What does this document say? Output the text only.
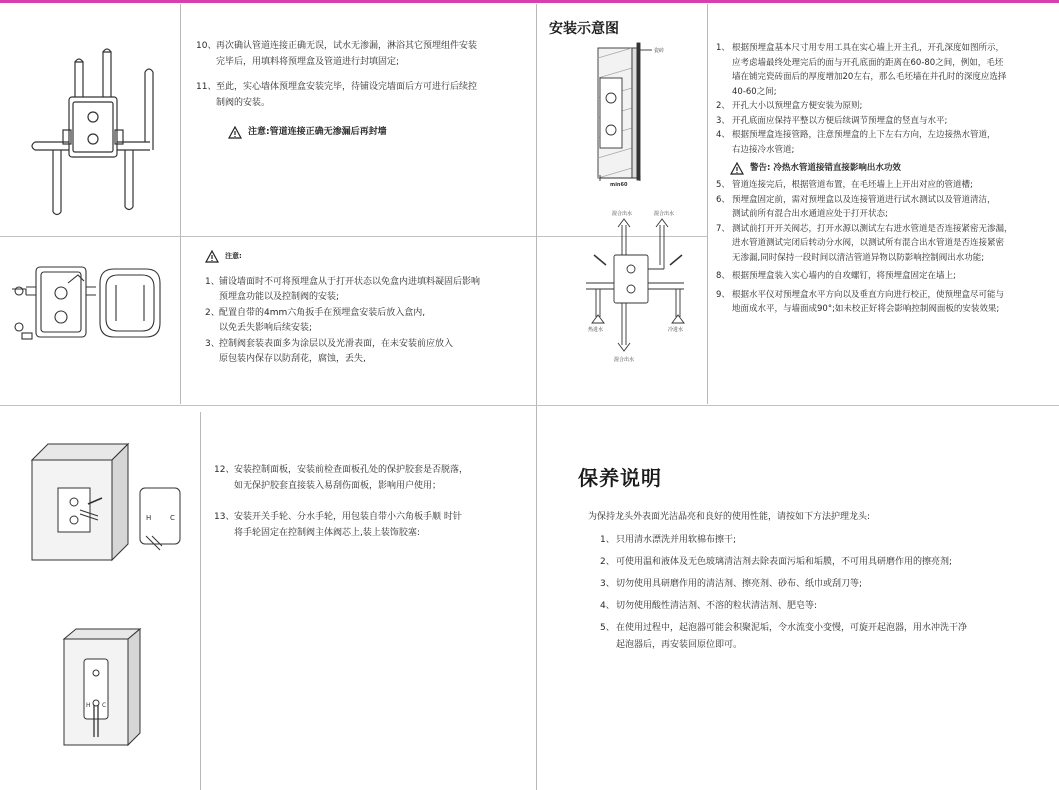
10、 再次确认管道连接正确无误，试水无渗漏，淋浴其它预埋组件安装

完毕后，用填料将预埋盒及管道进行封填固定;

11、 至此，实心墙体预埋盒安装完毕，待铺设完墙面后方可进行后续控

制阀的安装。

注意:管道连接正确无渗漏后再封墙
注意:
1、 铺设墙面时不可将预埋盒从于打开状态以免盒内进填料凝固后影响

预埋盒功能以及控制阀的安装;

2、 配置自带的4mm六角扳手在预埋盒安装后放入盒内,

以免丢失影响后续安装;

3、 控制阀套装表面多为涂层以及光滑表面，在未安装前应放入

原包装内保存以防刮花，腐蚀，丢失,

安装示意图
瓷砖
min60
混合出水	混合出水
热进水	冷进水
混合出水
1、 根据预埋盒基本尺寸用专用工具在实心墙上开主孔，开孔深度如图所示，

应考虑墙最终处理完后的面与开孔底面的距离在60-80之间，例如，毛坯

墙在铺完瓷砖面后的厚度增加20左右，那么毛坯墙在并孔时的深度应选择

40-60之间;

2、 开孔大小以预埋盒方便安装为原则;

3、 开孔底面应保持平整以方便后续调节预埋盒的竖直与水平;

4、 根据预埋盒连接管路，注意预埋盒的上下左右方向，左边接热水管道，

右边接冷水管道;

警告: 冷热水管道接错直接影响出水功效
5、 管道连接完后，根据管道布置，在毛坯墙上上开出对应的管道槽;

6、 预埋盒固定前，需对预埋盒以及连接管道进行试水测试以及管道清洁，

测试前所有混合出水通道应处于打开状态;

7、 测试前打开开关阀芯，打开水源以测试左右进水管道是否连接紧密无渗漏，

进水管道测试完闭后转动分水阀，以测试所有混合出水管道是否连接紧密

无渗漏,同时保持一段时间以清洁管道异物以防影响控制阀出水功能;

8、 根据预埋盒装入实心墙内的自攻螺钉，将预埋盒固定在墙上;

9、 根据水平仪对预埋盒水平方向以及垂直方向进行校正，使预埋盒尽可能与

地面成水平，与墙面成90°;如未校正好将会影响控制阀面板的安装效果;

H	C
H C
12、 安装控制面板，安装前检查面板孔处的保护胶套是否脱落，

如无保护胶套直接装入易刮伤面板，影响用户使用；

13、 安装开关手轮、分水手轮，用包装自带小六角板手顺 时针

将手轮固定在控制阀主体阀芯上,装上装饰胶塞:

保养说明

为保持龙头外表面光洁晶亮和良好的使用性能，请按如下方法护理龙头:

1、 只用清水漂洗并用软棉布擦干;

2、 可使用温和液体及无色玻璃清洁剂去除表面污垢和垢膜，不可用具研磨作用的擦亮剂;

3、 切勿使用具研磨作用的清洁剂、擦亮剂、砂布、纸巾或刮刀等;

4、 切勿使用酸性清洁剂、不溶的粒状清洁剂、肥皂等:

5、 在使用过程中，起泡器可能会积聚泥垢，令水流变小变慢，可旋开起泡器，用水冲洗干净

起泡器后，再安装回原位即可。
